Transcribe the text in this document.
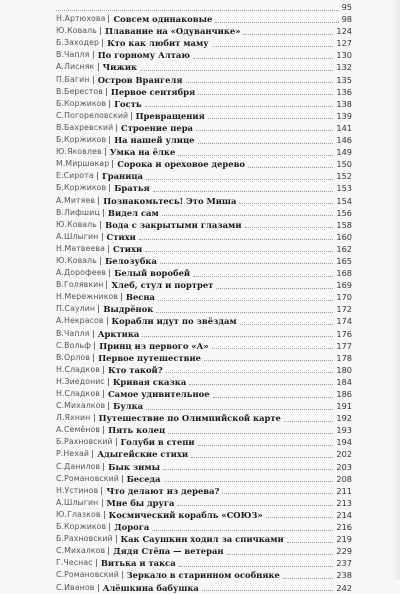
95
Н.Артюхова Совсем одинаковые	98
Ю.Коваль Плавание на «Одуванчике»	124
Б.Заходер Кто как любит маму	127
В.Чапля По горному Алтаю	130
А.Лисняк Чижик	132
П.Багин Остров Врангеля	135
В.Берестов Первое сентября	136
Б.Коржиков Гость	138
С.Погореловский Превращения	139
В.Бахревский Строение пера	141
Б.Коржиков На нашей улице	146
Ю.Яковлев Умка на ёлке	149
М.Миршакар Сорока и ореховое дерево	150
Е.Сирота Граница	152
Б.Коржиков Братья	153
А.Митяев Познакомьтесь! Это Миша	154
В.Лифшиц Видел сам	156
Ю.Коваль Вода с закрытыми глазами	158
А.Шлыгин Стихи	160
Н.Матвеева Стихи	162
Ю.Коваль Белозубка	165
А.Дорофеев Белый воробей	168
В.Голявкин Хлеб, стул и портрет	169
Н.Мережников Весна	170
П.Саулин Выдрёнок	172
А.Некрасов Корабли идут по звёздам	174
В.Чапля Арктика	176
С.Вольф Принц из первого «А»	177
В.Орлов Первое путешествие	178
Н.Сладков Кто такой?	180
Н.Зиедонис Кривая сказка	184
Н.Сладков Самое удивительное	186
С.Михалков Булка	191
Л.Яхнин Путешествие по Олимпийской карте	192
А.Семёнов Пять колец	193
Б.Рахновский Голуби в степи	194
Р.Нехай Адыгейские стихи	202
С.Данилов Бык зимы	203
С.Романовский Беседа	208
Н.Устинов Что делают из дерева?	211
А.Шлыгин Мне бы друга	213
Ю.Глазков Космический корабль «СОЮЗ»	214
Б.Коржиков Дорога	216
Б.Рахновский Как Саушкин ходил за спичками	219
С.Михалков Дядя Стёпа — ветеран	229
Г.Чеснас Витька и такса	237
С.Романовский Зеркало в старинном особняке	238
С.Иванов Алёшкина бабушка	242
